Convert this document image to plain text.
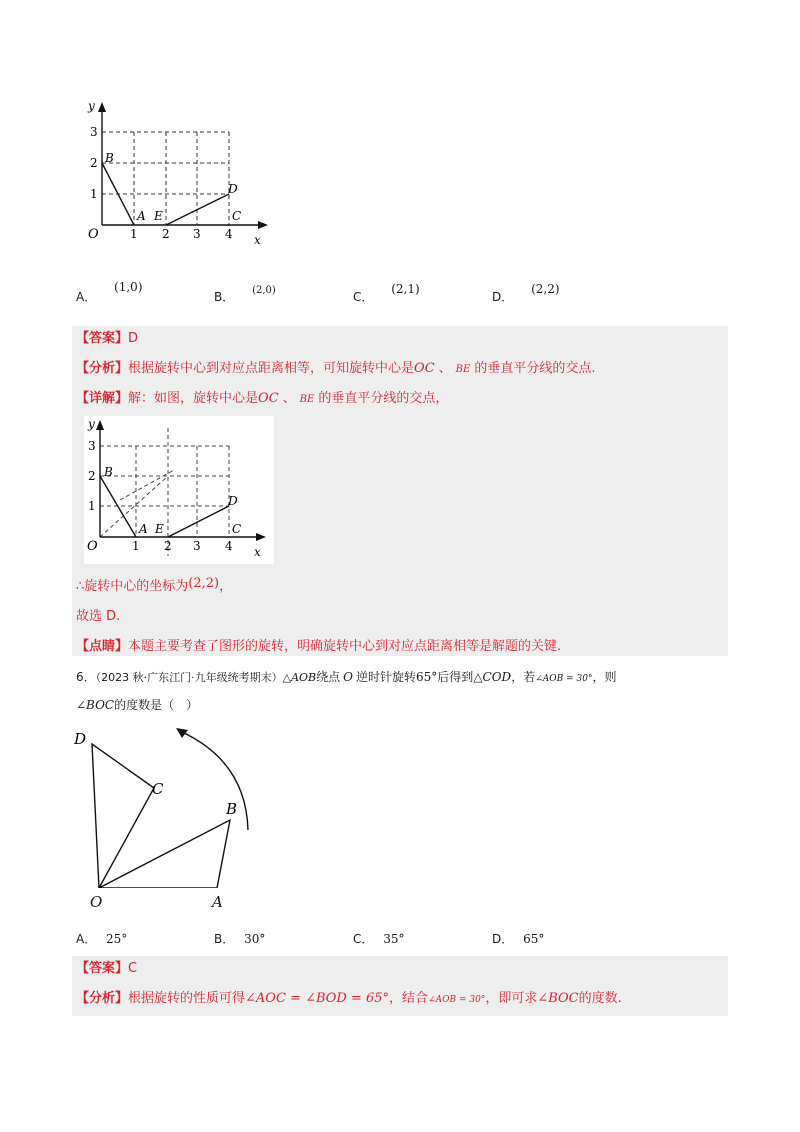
y
x
O	1 2 3 4
1
2
3
B
A E
D
C
A． (1,0)
B． $^{(2,0)}$	C． (2,1)
D． (2,2)
【答案】D
【分析】根据旋转中心到对应点距离相等，可知旋转中心是OC 、 BE 的垂直平分线的交点.
【详解】解：如图，旋转中心是OC 、 BE 的垂直平分线的交点，
y
x
O	1 2 3 4
1
2
3
B
A E
D
C
∴旋转中心的坐标为(2,2)，
故选 D.
【点睛】本题主要考查了图形的旋转，明确旋转中心到对应点距离相等是解题的关键.
6．（2023 秋·广东江门·九年级统考期末）△AOB绕点 O 逆时针旋转65°后得到△COD，若∠AOB = 30°，则
∠BOC的度数是（　）
D
C
B
O	A
A． 25°	B． 30°	C． 35°	D． 65°
【答案】C
【分析】根据旋转的性质可得∠AOC = ∠BOD = 65°，结合∠AOB = 30°，即可求∠BOC的度数.
